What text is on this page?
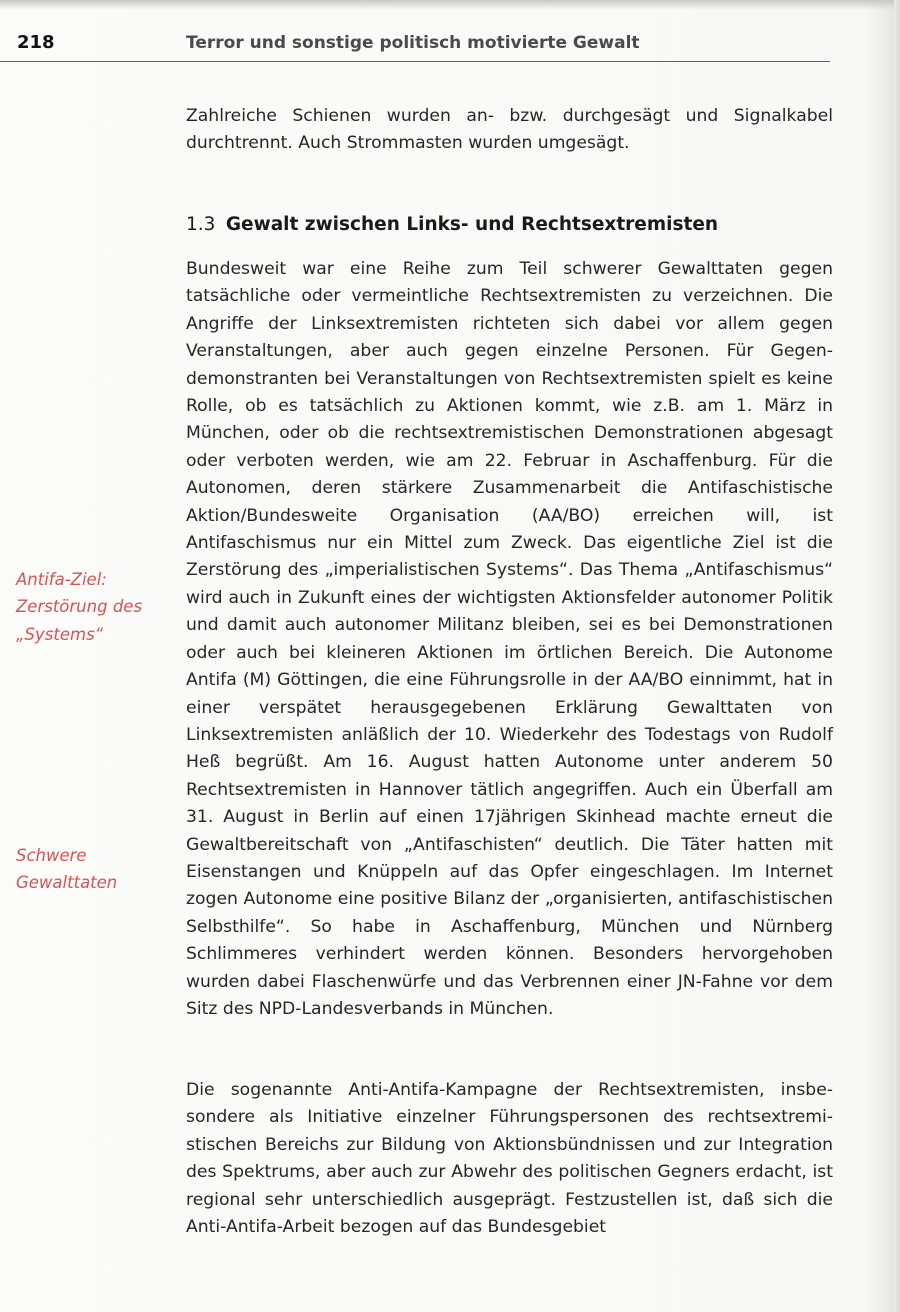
218	Terror und sonstige politisch motivierte Gewalt

Zahlreiche Schienen wurden an- bzw. durchgesägt und Signalkabel durchtrennt. Auch Strommasten wurden umgesägt.

1.3 Gewalt zwischen Links- und Rechtsextremisten

Bundesweit war eine Reihe zum Teil schwerer Gewalttaten gegen tatsächliche oder vermeintliche Rechtsextremisten zu verzeichnen. Die Angriffe der Linksextremisten richteten sich dabei vor allem gegen Veranstaltungen, aber auch gegen einzelne Personen. Für Gegendemonstranten bei Veranstaltungen von Rechtsextremisten spielt es keine Rolle, ob es tatsächlich zu Aktionen kommt, wie z.B. am 1. März in München, oder ob die rechtsextremistischen Demonstrationen abgesagt oder verboten werden, wie am 22. Februar in Aschaffenburg. Für die Autonomen, deren stärkere Zusammenarbeit die Antifaschistische Aktion/Bundesweite Organisation (AA/BO) erreichen will, ist Antifaschismus nur ein Mittel zum Zweck. Das eigentliche Ziel ist die Zerstörung des „imperialistischen Systems“. Das Thema „Antifaschismus“ wird auch in Zukunft eines der wichtigsten Aktionsfelder autonomer Politik und damit auch autonomer Militanz bleiben, sei es bei Demonstrationen oder auch bei kleineren Aktionen im örtlichen Bereich. Die Autonome Antifa (M) Göttingen, die eine Führungsrolle in der AA/BO einnimmt, hat in einer verspätet herausgegebenen Erklärung Gewalttaten von Linksextremisten anläßlich der 10. Wiederkehr des Todestags von Rudolf Heß begrüßt. Am 16. August hatten Autonome unter anderem 50 Rechtsextremisten in Hannover tätlich angegriffen. Auch ein Überfall am 31. August in Berlin auf einen 17jährigen Skinhead machte erneut die Gewaltbereitschaft von „Antifaschisten“ deutlich. Die Täter hatten mit Eisenstangen und Knüppeln auf das Opfer eingeschlagen. Im Internet zogen Autonome eine positive Bilanz der „organisierten, antifaschistischen Selbsthilfe“. So habe in Aschaffenburg, München und Nürnberg Schlimmeres verhindert werden können. Besonders hervorgehoben wurden dabei Flaschenwürfe und das Verbrennen einer JN-Fahne vor dem Sitz des NPD-Landesverbands in München.

Antifa-Ziel: Zerstörung des „Systems“
Schwere Gewalttaten

Die sogenannte Anti-Antifa-Kampagne der Rechtsextremisten, insbesondere als Initiative einzelner Führungspersonen des rechtsextremistischen Bereichs zur Bildung von Aktionsbündnissen und zur Integration des Spektrums, aber auch zur Abwehr des politischen Gegners erdacht, ist regional sehr unterschiedlich ausgeprägt. Festzustellen ist, daß sich die Anti-Antifa-Arbeit bezogen auf das Bundesgebiet
